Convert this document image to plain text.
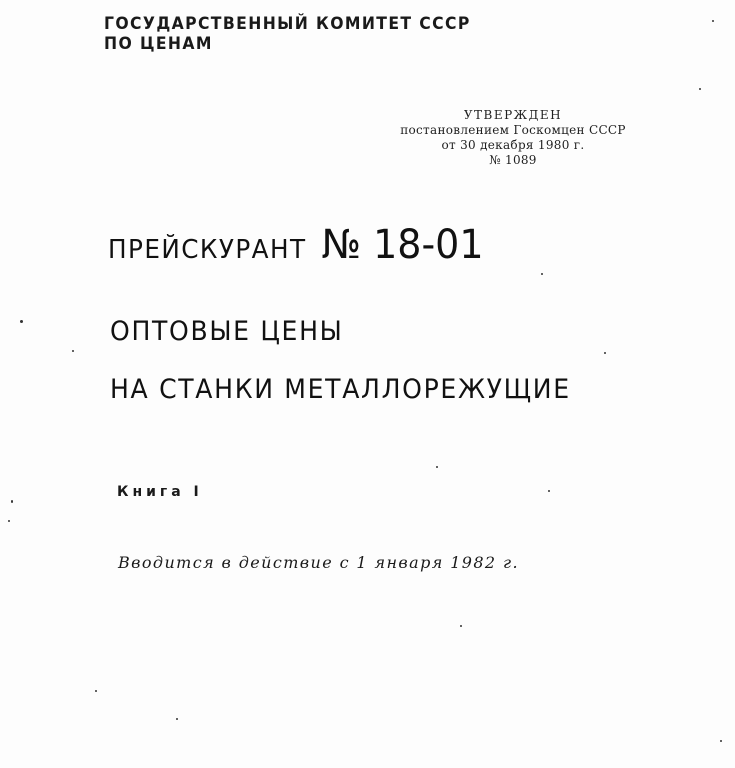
ГОСУДАРСТВЕННЫЙ КОМИТЕТ СССР
ПО ЦЕНАМ
УТВЕРЖДЕН
постановлением Госкомцен СССР
от 30 декабря 1980 г.
№ 1089
ПРЕЙСКУРАНТ № 18-01
ОПТОВЫЕ ЦЕНЫ
НА СТАНКИ МЕТАЛЛОРЕЖУЩИЕ
Книга I
Вводится в действие с 1 января 1982 г.
